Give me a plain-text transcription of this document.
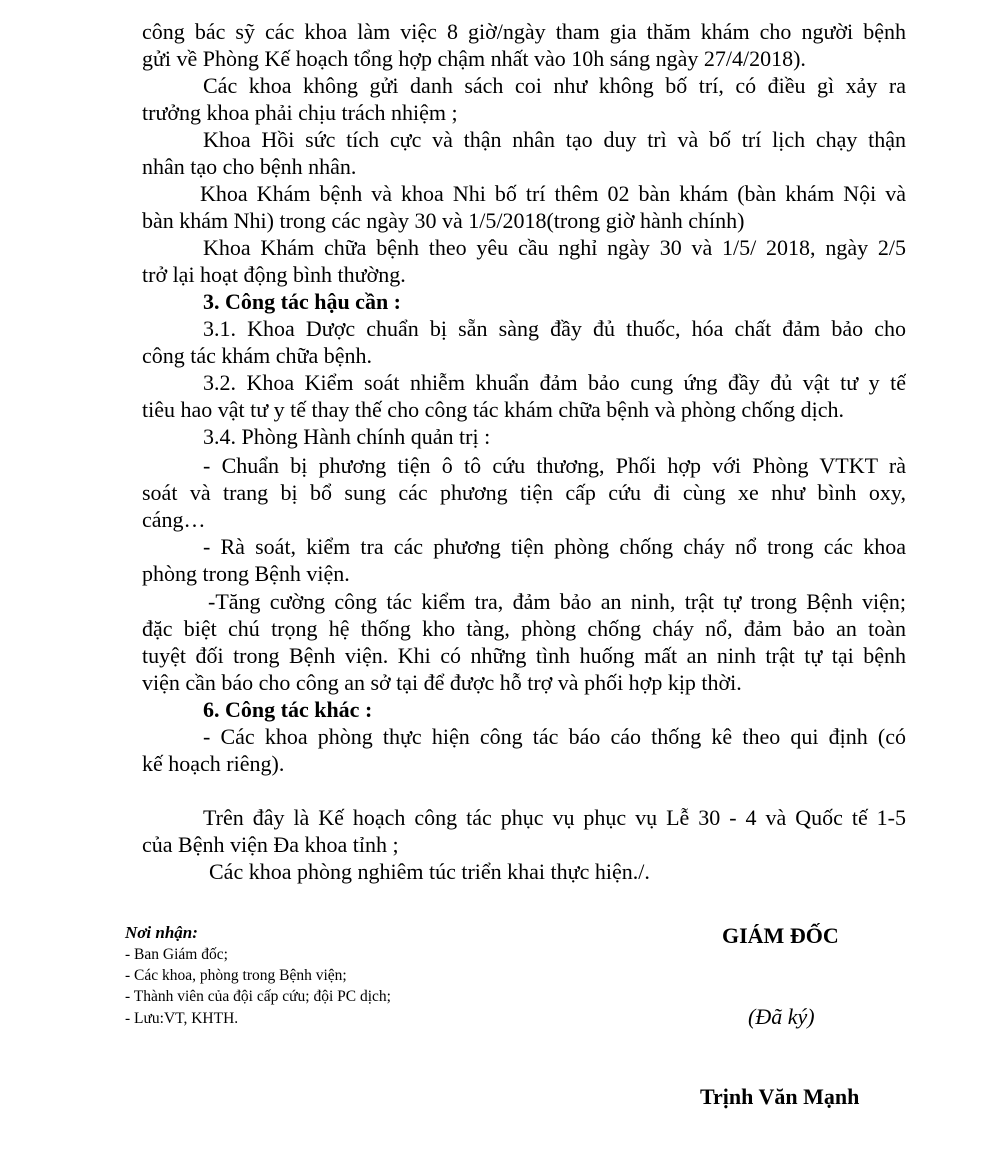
công bác sỹ các khoa làm việc 8 giờ/ngày tham gia thăm khám cho người bệnh
gửi về Phòng Kế hoạch tổng hợp chậm nhất vào 10h sáng ngày 27/4/2018).
Các khoa không gửi danh sách coi như không bố trí, có điều gì xảy ra
trưởng khoa phải chịu trách nhiệm ;
Khoa Hồi sức tích cực và thận nhân tạo duy trì và bố trí lịch chạy thận
nhân tạo cho bệnh nhân.
Khoa Khám bệnh và khoa Nhi bố trí thêm 02 bàn khám (bàn khám Nội và
bàn khám Nhi) trong các ngày 30 và 1/5/2018(trong giờ hành chính)
Khoa Khám chữa bệnh theo yêu cầu nghỉ ngày 30 và 1/5/ 2018, ngày 2/5
trở lại hoạt động bình thường.
3. Công tác hậu cần :
3.1. Khoa Dược chuẩn bị sẵn sàng đầy đủ thuốc, hóa chất đảm bảo cho
công tác khám chữa bệnh.
3.2. Khoa Kiểm soát nhiễm khuẩn đảm bảo cung ứng đầy đủ vật tư y tế
tiêu hao vật tư y tế thay thế cho công tác khám chữa bệnh và phòng chống dịch.
3.4. Phòng Hành chính quản trị :
- Chuẩn bị phương tiện ô tô cứu thương, Phối hợp với Phòng VTKT rà
soát và trang bị bổ sung các phương tiện cấp cứu đi cùng xe như bình oxy,
cáng…
- Rà soát, kiểm tra các phương tiện phòng chống cháy nổ trong các khoa
phòng trong Bệnh viện.
-Tăng cường công tác kiểm tra, đảm bảo an ninh, trật tự trong Bệnh viện;
đặc biệt chú trọng hệ thống kho tàng, phòng chống cháy nổ, đảm bảo an toàn
tuyệt đối trong Bệnh viện. Khi có những tình huống mất an ninh trật tự tại bệnh
viện cần báo cho công an sở tại để được hỗ trợ và phối hợp kịp thời.
6. Công tác khác :
- Các khoa phòng thực hiện công tác báo cáo thống kê theo qui định (có
kế hoạch riêng).
Trên đây là Kế hoạch công tác phục vụ phục vụ Lễ 30 - 4 và Quốc tế 1-5
của Bệnh viện Đa khoa tỉnh ;
Các khoa phòng nghiêm túc triển khai thực hiện./.
Nơi nhận:
- Ban Giám đốc;
- Các khoa, phòng trong Bệnh viện;
- Thành viên của đội cấp cứu; đội PC dịch;
- Lưu:VT, KHTH.
GIÁM ĐỐC
(Đã ký)
Trịnh Văn Mạnh
